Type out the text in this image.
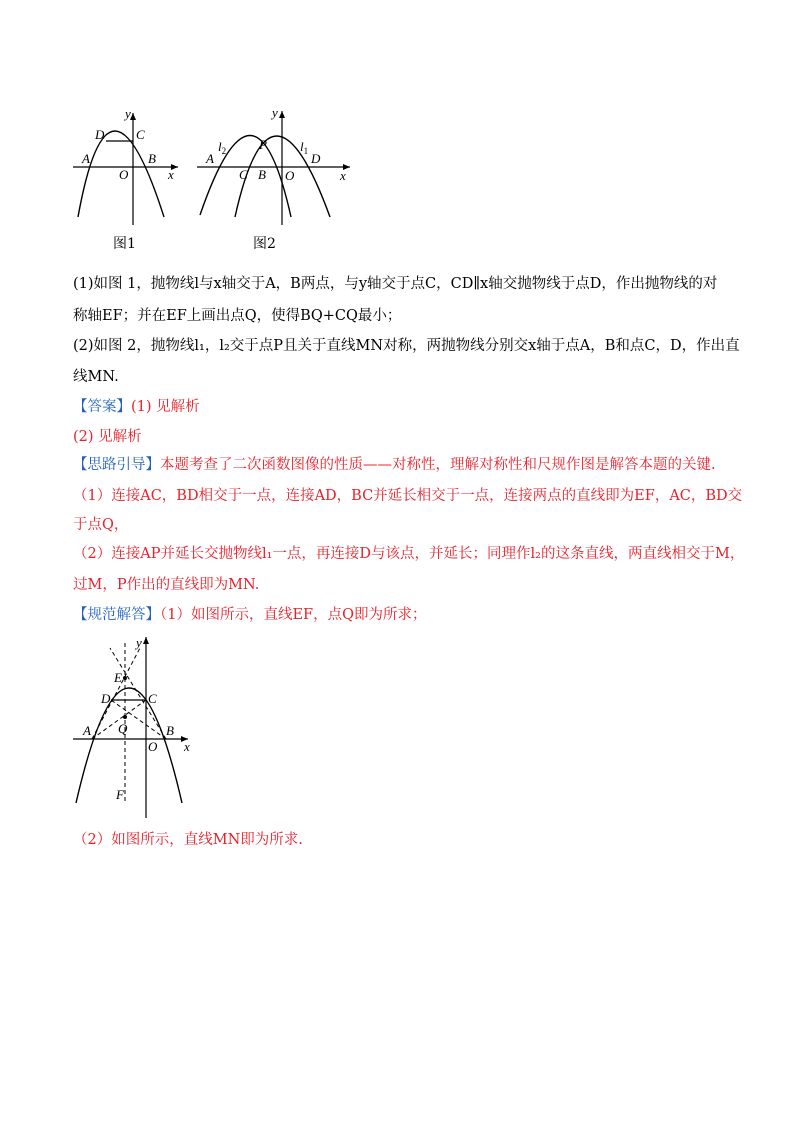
y
x
O
A	B
C
D
图1
y
x
O
A
C B
D
P
$l_2$	$l_1$
图2
(1)如图 1，抛物线l与x轴交于A，B两点，与y轴交于点C，CD∥x轴交抛物线于点D，作出抛物线的对
称轴EF；并在EF上画出点Q，使得BQ+CQ最小；
(2)如图 2，抛物线l₁，l₂交于点P且关于直线MN对称，两抛物线分别交x轴于点A，B和点C，D，作出直
线MN.
【答案】(1) 见解析
(2) 见解析
【思路引导】本题考查了二次函数图像的性质——对称性，理解对称性和尺规作图是解答本题的关键.
（1）连接AC，BD相交于一点，连接AD，BC并延长相交于一点，连接两点的直线即为EF，AC，BD交
于点Q，
（2）连接AP并延长交抛物线l₁一点，再连接D与该点，并延长；同理作l₂的这条直线，两直线相交于M，
过M，P作出的直线即为MN.
【规范解答】（1）如图所示，直线EF，点Q即为所求；
y
x
E
D	C
A Q	B
O
F
（2）如图所示，直线MN即为所求.
